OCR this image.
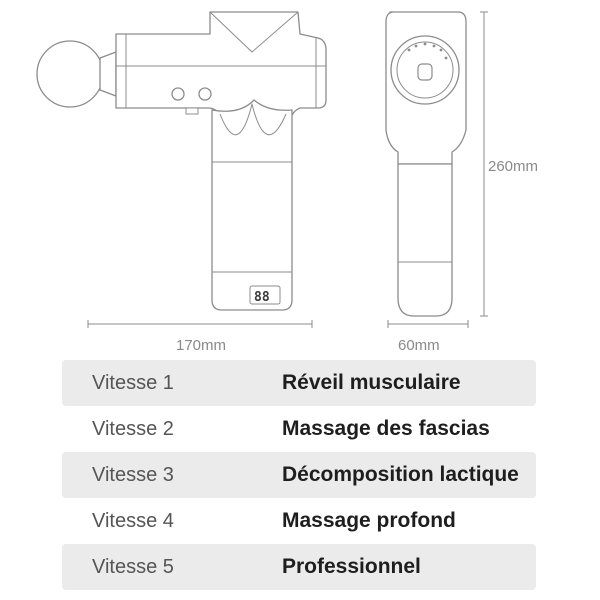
88
170mm	60mm
260mm
Vitesse 1	Réveil musculaire
Vitesse 2	Massage des fascias
Vitesse 3	Décomposition lactique
Vitesse 4	Massage profond
Vitesse 5	Professionnel
